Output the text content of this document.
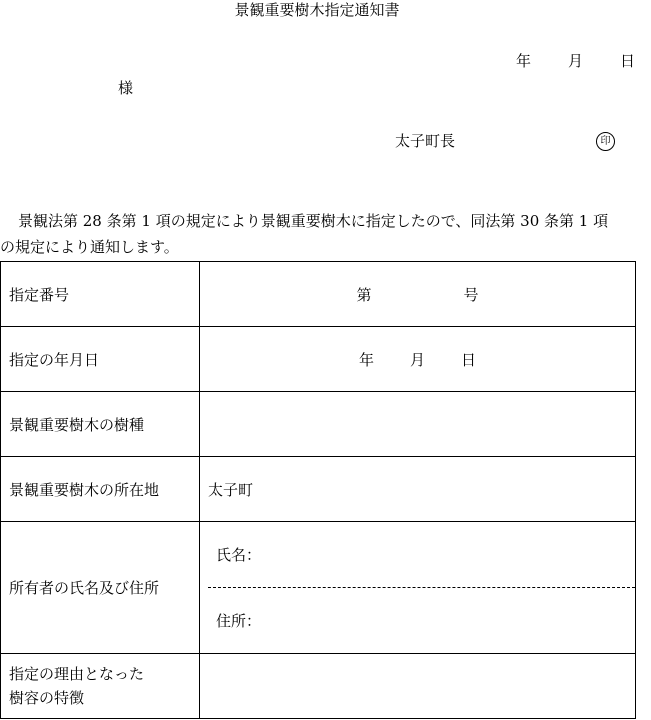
景観重要樹木指定通知書
年 月 日
様
太子町長	印
景観法第 28 条第 1 項の規定により景観重要樹木に指定したので、同法第 30 条第 1 項
の規定により通知します。
指定番号	第 号
指定の年月日	年 月 日
景観重要樹木の樹種	
景観重要樹木の所在地	太子町
所有者の氏名及び住所	氏名：
住所：

指定の理由となった
樹容の特徴	
